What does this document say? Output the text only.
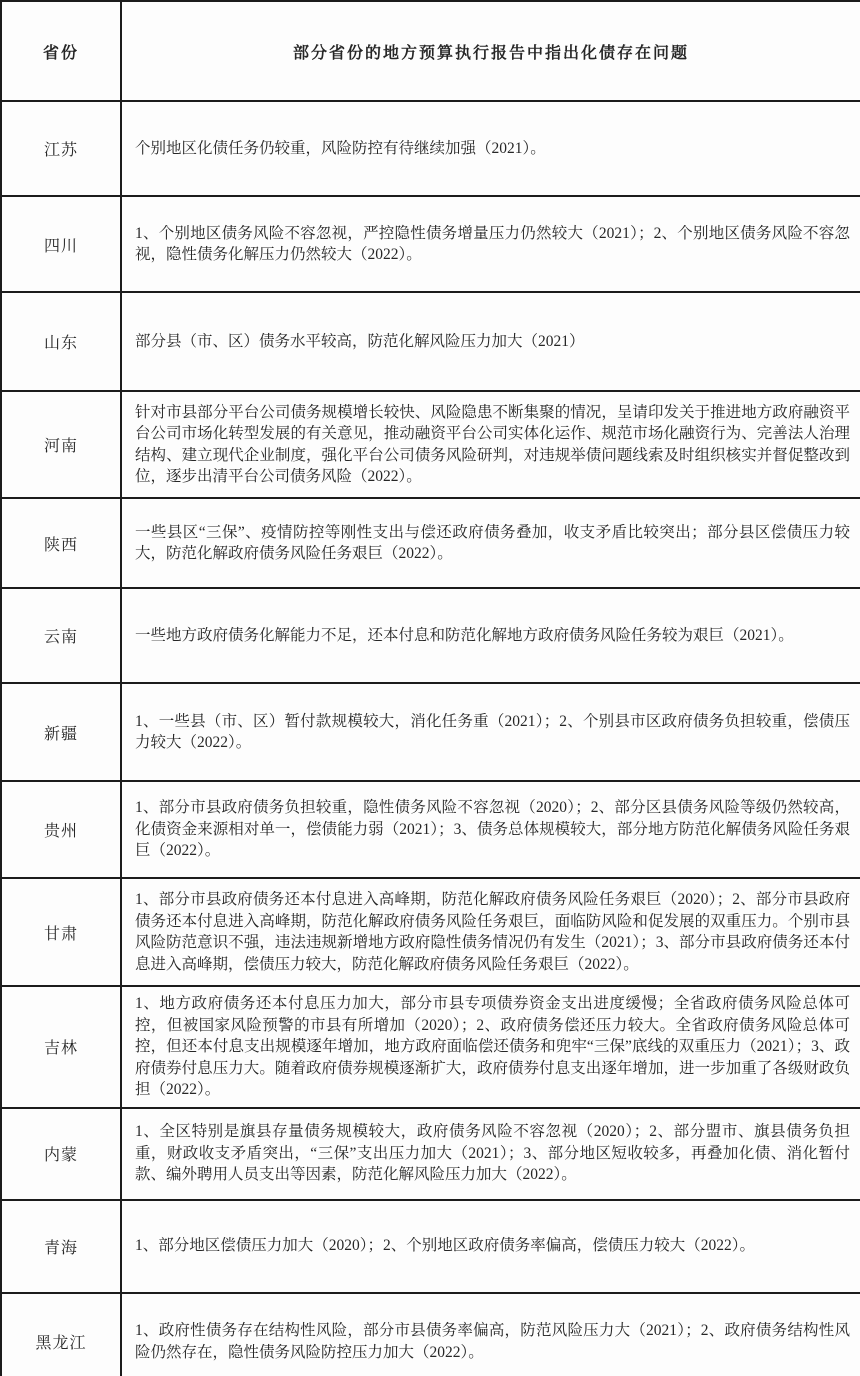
省份	部分省份的地方预算执行报告中指出化债存在问题
江苏	个别地区化债任务仍较重，风险防控有待继续加强（2021）。
四川	1、个别地区债务风险不容忽视，严控隐性债务增量压力仍然较大（2021）；2、个别地区债务风险不容忽视，隐性债务化解压力仍然较大（2022）。
山东	部分县（市、区）债务水平较高，防范化解风险压力加大（2021）
河南	针对市县部分平台公司债务规模增长较快、风险隐患不断集聚的情况，呈请印发关于推进地方政府融资平台公司市场化转型发展的有关意见，推动融资平台公司实体化运作、规范市场化融资行为、完善法人治理结构、建立现代企业制度，强化平台公司债务风险研判，对违规举债问题线索及时组织核实并督促整改到位，逐步出清平台公司债务风险（2022）。
陕西	一些县区“三保”、疫情防控等刚性支出与偿还政府债务叠加，收支矛盾比较突出；部分县区偿债压力较大，防范化解政府债务风险任务艰巨（2022）。
云南	一些地方政府债务化解能力不足，还本付息和防范化解地方政府债务风险任务较为艰巨（2021）。
新疆	1、一些县（市、区）暂付款规模较大，消化任务重（2021）；2、个别县市区政府债务负担较重，偿债压力较大（2022）。
贵州	1、部分市县政府债务负担较重，隐性债务风险不容忽视（2020）；2、部分区县债务风险等级仍然较高，化债资金来源相对单一，偿债能力弱（2021）；3、债务总体规模较大，部分地方防范化解债务风险任务艰巨（2022）。
甘肃	1、部分市县政府债务还本付息进入高峰期，防范化解政府债务风险任务艰巨（2020）；2、部分市县政府债务还本付息进入高峰期，防范化解政府债务风险任务艰巨，面临防风险和促发展的双重压力。个别市县风险防范意识不强，违法违规新增地方政府隐性债务情况仍有发生（2021）；3、部分市县政府债务还本付息进入高峰期，偿债压力较大，防范化解政府债务风险任务艰巨（2022）。
吉林	1、地方政府债务还本付息压力加大，部分市县专项债券资金支出进度缓慢；全省政府债务风险总体可控，但被国家风险预警的市县有所增加（2020）；2、政府债务偿还压力较大。全省政府债务风险总体可控，但还本付息支出规模逐年增加，地方政府面临偿还债务和兜牢“三保”底线的双重压力（2021）；3、政府债券付息压力大。随着政府债券规模逐渐扩大，政府债券付息支出逐年增加，进一步加重了各级财政负担（2022）。
内蒙	1、全区特别是旗县存量债务规模较大，政府债务风险不容忽视（2020）；2、部分盟市、旗县债务负担重，财政收支矛盾突出，“三保”支出压力加大（2021）；3、部分地区短收较多，再叠加化债、消化暂付款、编外聘用人员支出等因素，防范化解风险压力加大（2022）。
青海	1、部分地区偿债压力加大（2020）；2、个别地区政府债务率偏高，偿债压力较大（2022）。
黑龙江	1、政府性债务存在结构性风险，部分市县债务率偏高，防范风险压力大（2021）；2、政府债务结构性风险仍然存在，隐性债务风险防控压力加大（2022）。
